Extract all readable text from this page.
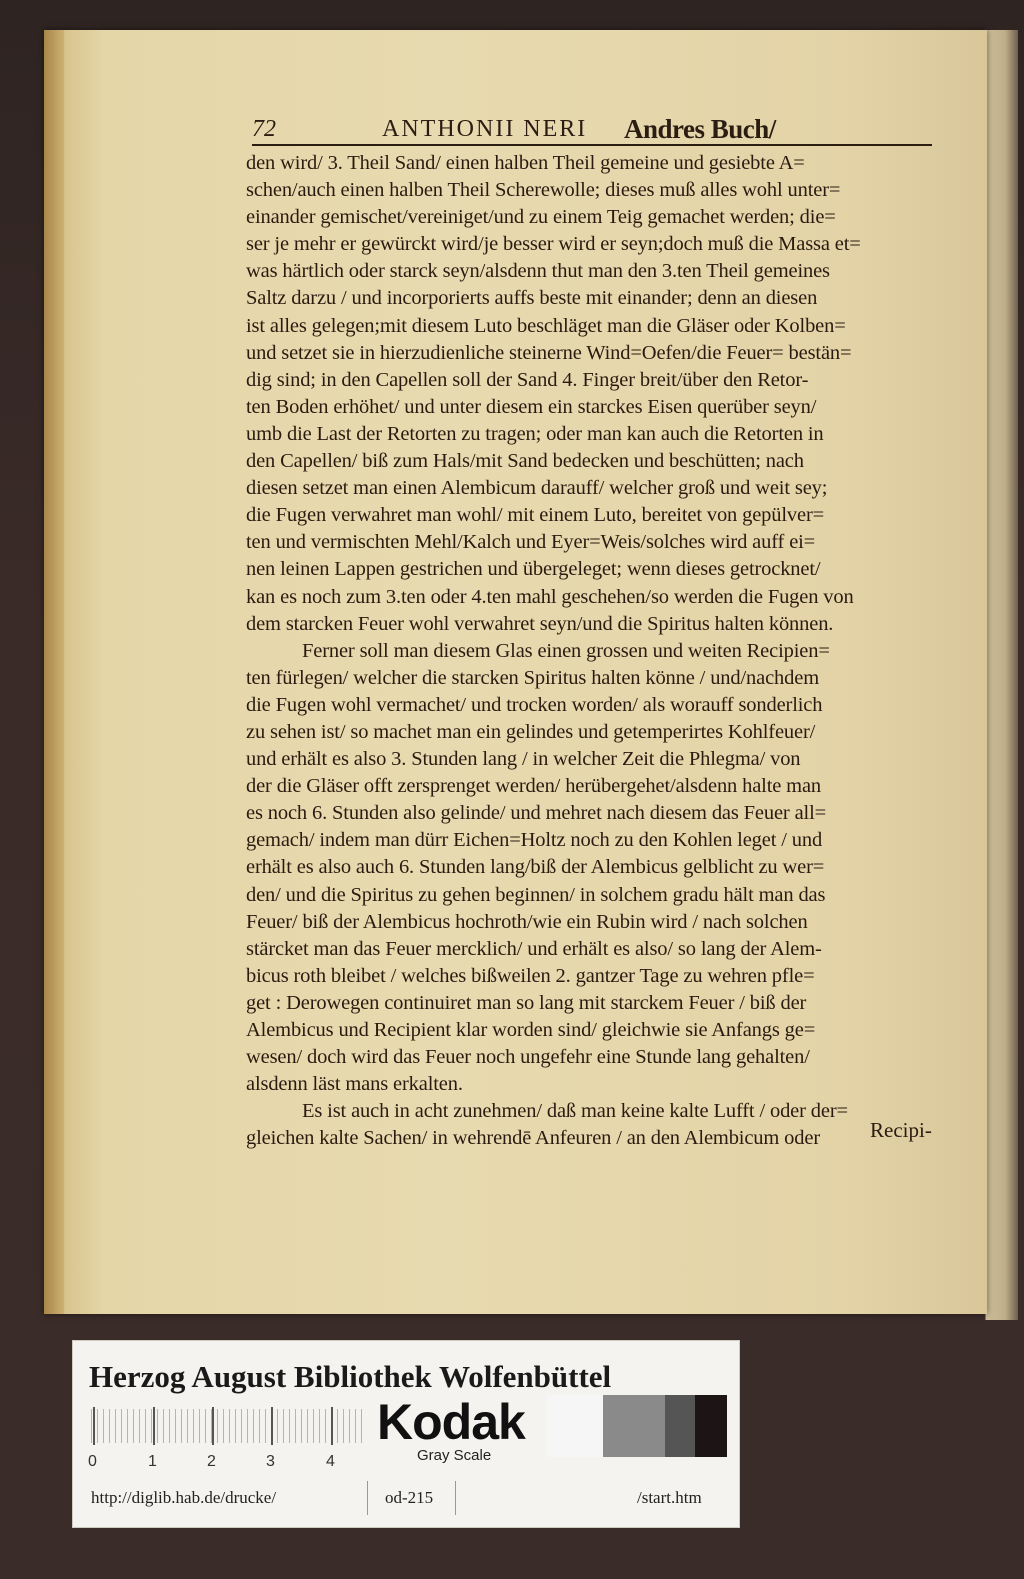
72	ANTHONII NERI Andres Buch/
den wird/ 3. Theil Sand/ einen halben Theil gemeine und gesiebte A=
schen/auch einen halben Theil Scherewolle; dieses muß alles wohl unter=
einander gemischet/vereiniget/und zu einem Teig gemachet werden; die=
ser je mehr er gewürckt wird/je besser wird er seyn;doch muß die Massa et=
was härtlich oder starck seyn/alsdenn thut man den 3.ten Theil gemeines
Saltz darzu / und incorporierts auffs beste mit einander; denn an diesen
ist alles gelegen;mit diesem Luto beschläget man die Gläser oder Kolben=
und setzet sie in hierzudienliche steinerne Wind=Oefen/die Feuer= bestän=
dig sind; in den Capellen soll der Sand 4. Finger breit/über den Retor-
ten Boden erhöhet/ und unter diesem ein starckes Eisen querüber seyn/
umb die Last der Retorten zu tragen; oder man kan auch die Retorten in
den Capellen/ biß zum Hals/mit Sand bedecken und beschütten; nach
diesen setzet man einen Alembicum darauff/ welcher groß und weit sey;
die Fugen verwahret man wohl/ mit einem Luto, bereitet von gepülver=
ten und vermischten Mehl/Kalch und Eyer=Weis/solches wird auff ei=
nen leinen Lappen gestrichen und übergeleget; wenn dieses getrocknet/
kan es noch zum 3.ten oder 4.ten mahl geschehen/so werden die Fugen von
dem starcken Feuer wohl verwahret seyn/und die Spiritus halten können.
Ferner soll man diesem Glas einen grossen und weiten Recipien=
ten fürlegen/ welcher die starcken Spiritus halten könne / und/nachdem
die Fugen wohl vermachet/ und trocken worden/ als worauff sonderlich
zu sehen ist/ so machet man ein gelindes und getemperirtes Kohlfeuer/
und erhält es also 3. Stunden lang / in welcher Zeit die Phlegma/ von
der die Gläser offt zersprenget werden/ herübergehet/alsdenn halte man
es noch 6. Stunden also gelinde/ und mehret nach diesem das Feuer all=
gemach/ indem man dürr Eichen=Holtz noch zu den Kohlen leget / und
erhält es also auch 6. Stunden lang/biß der Alembicus gelblicht zu wer=
den/ und die Spiritus zu gehen beginnen/ in solchem gradu hält man das
Feuer/ biß der Alembicus hochroth/wie ein Rubin wird / nach solchen
stärcket man das Feuer mercklich/ und erhält es also/ so lang der Alem-
bicus roth bleibet / welches bißweilen 2. gantzer Tage zu wehren pfle=
get : Derowegen continuiret man so lang mit starckem Feuer / biß der
Alembicus und Recipient klar worden sind/ gleichwie sie Anfangs ge=
wesen/ doch wird das Feuer noch ungefehr eine Stunde lang gehalten/
alsdenn läst mans erkalten.
Es ist auch in acht zunehmen/ daß man keine kalte Lufft / oder der=
gleichen kalte Sachen/ in wehrendē Anfeuren / an den Alembicum oder	Recipi-
Herzog August Bibliothek Wolfenbüttel
0	1	2	3	4
Kodak
Gray Scale
http://diglib.hab.de/drucke/	od-215	/start.htm
